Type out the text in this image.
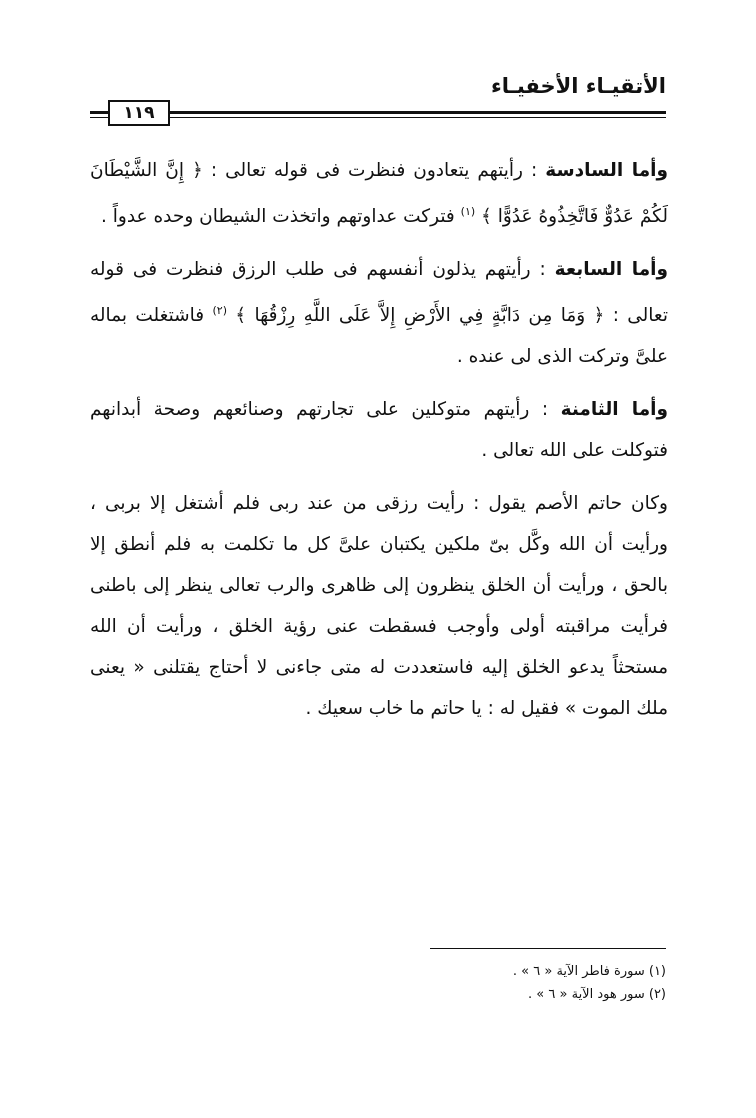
الأتقيـاء الأخفيـاء
١١٩

وأما السادسة : رأيتهم يتعادون فنظرت فى قوله تعالى : ﴿ إِنَّ الشَّيْطَانَ لَكُمْ عَدُوٌّ فَاتَّخِذُوهُ عَدُوًّا ﴾ $^{(١)}$ فتركت عداوتهم واتخذت الشيطان وحده عدواً .

وأما السابعة : رأيتهم يذلون أنفسهم فى طلب الرزق فنظرت فى قوله تعالى : ﴿ وَمَا مِن دَابَّةٍ فِي الأَرْضِ إِلاَّ عَلَى اللَّهِ رِزْقُهَا ﴾ $^{(٢)}$ فاشتغلت بماله علىَّ وتركت الذى لى عنده .

وأما الثامنة : رأيتهم متوكلين على تجارتهم وصنائعهم وصحة أبدانهم فتوكلت على الله تعالى .

وكان حاتم الأصم يقول : رأيت رزقى من عند ربى فلم أشتغل إلا بربى ، ورأيت أن الله وكَّل بىّ ملكين يكتبان علىَّ كل ما تكلمت به فلم أنطق إلا بالحق ، ورأيت أن الخلق ينظرون إلى ظاهرى والرب تعالى ينظر إلى باطنى فرأيت مراقبته أولى وأوجب فسقطت عنى رؤية الخلق ، ورأيت أن الله مستحثاً يدعو الخلق إليه فاستعددت له متى جاءنى لا أحتاج يقتلنى « يعنى ملك الموت » فقيل له : يا حاتم ما خاب سعيك .

(١) سورة فاطر الآية « ٦ » .
(٢) سور هود الآية « ٦ » .
